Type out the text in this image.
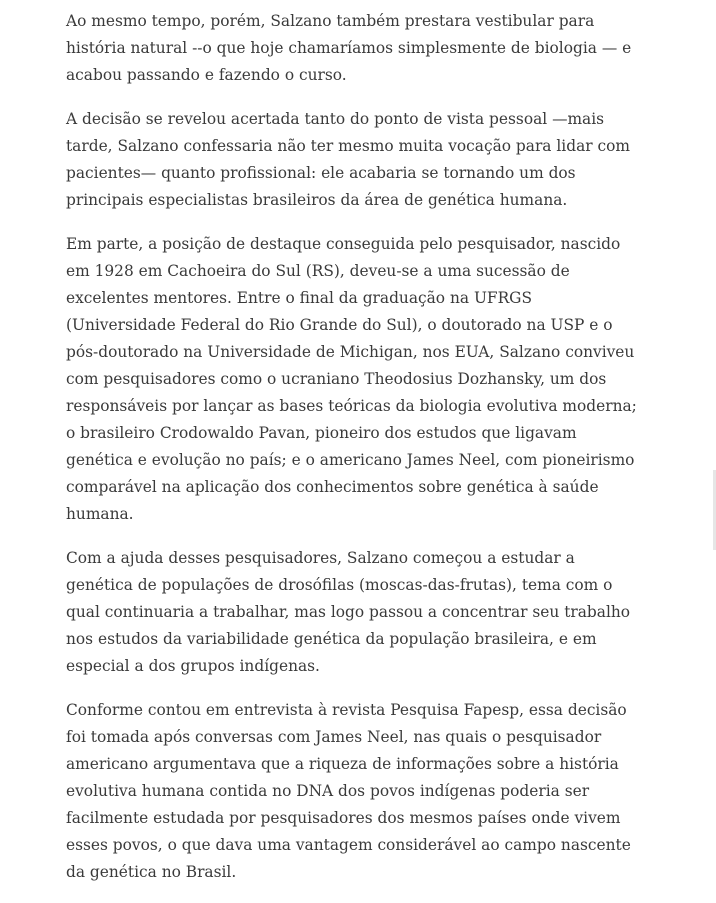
Ao mesmo tempo, porém, Salzano também prestara vestibular para história natural --o que hoje chamaríamos simplesmente de biologia — e acabou passando e fazendo o curso.

A decisão se revelou acertada tanto do ponto de vista pessoal —mais tarde, Salzano confessaria não ter mesmo muita vocação para lidar com pacientes— quanto profissional: ele acabaria se tornando um dos principais especialistas brasileiros da área de genética humana.

Em parte, a posição de destaque conseguida pelo pesquisador, nascido em 1928 em Cachoeira do Sul (RS), deveu-se a uma sucessão de excelentes mentores. Entre o final da graduação na UFRGS (Universidade Federal do Rio Grande do Sul), o doutorado na USP e o pós-doutorado na Universidade de Michigan, nos EUA, Salzano conviveu com pesquisadores como o ucraniano Theodosius Dozhansky, um dos responsáveis por lançar as bases teóricas da biologia evolutiva moderna; o brasileiro Crodowaldo Pavan, pioneiro dos estudos que ligavam genética e evolução no país; e o americano James Neel, com pioneirismo comparável na aplicação dos conhecimentos sobre genética à saúde humana.

Com a ajuda desses pesquisadores, Salzano começou a estudar a genética de populações de drosófilas (moscas-das-frutas), tema com o qual continuaria a trabalhar, mas logo passou a concentrar seu trabalho nos estudos da variabilidade genética da população brasileira, e em especial a dos grupos indígenas.

Conforme contou em entrevista à revista Pesquisa Fapesp, essa decisão foi tomada após conversas com James Neel, nas quais o pesquisador americano argumentava que a riqueza de informações sobre a história evolutiva humana contida no DNA dos povos indígenas poderia ser facilmente estudada por pesquisadores dos mesmos países onde vivem esses povos, o que dava uma vantagem considerável ao campo nascente da genética no Brasil.
